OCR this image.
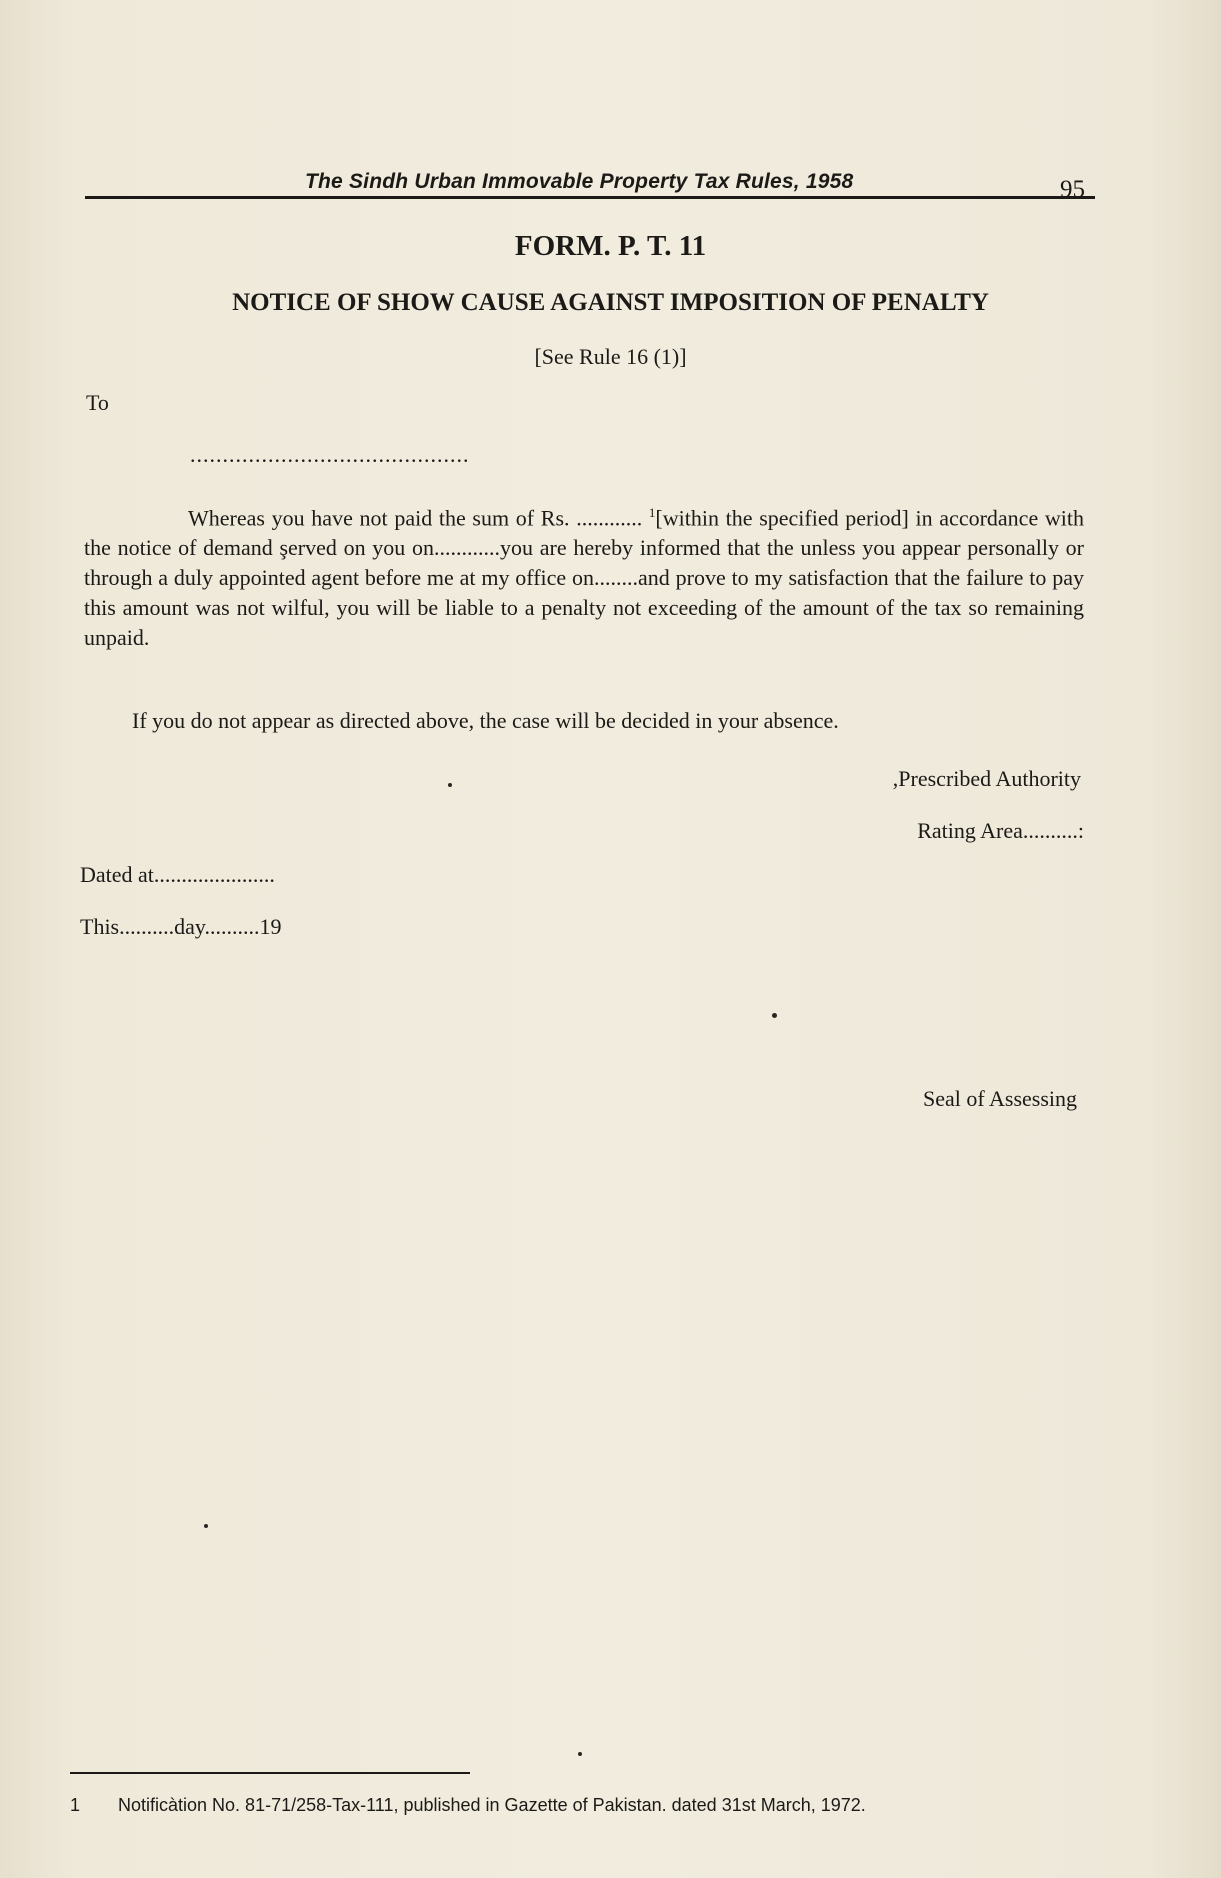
The Sindh Urban Immovable Property Tax Rules, 1958	95
FORM. P. T. 11
NOTICE OF SHOW CAUSE AGAINST IMPOSITION OF PENALTY
[See Rule 16 (1)]
To
...........................................

Whereas you have not paid the sum of Rs. ............ $^1$[within the specified period] in accordance with the notice of demand şerved on you on............you are hereby informed that the unless you appear personally or through a duly appointed agent before me at my office on........and prove to my satisfaction that the failure to pay this amount was not wilful, you will be liable to a penalty not exceeding of the amount of the tax so remaining unpaid.

If you do not appear as directed above, the case will be decided in your absence.

,Prescribed Authority
Rating Area..........:
Dated at......................
This..........day..........19
Seal of Assessing
1 Notificàtion No. 81-71/258-Tax-111, published in Gazette of Pakistan. dated 31st March, 1972.
